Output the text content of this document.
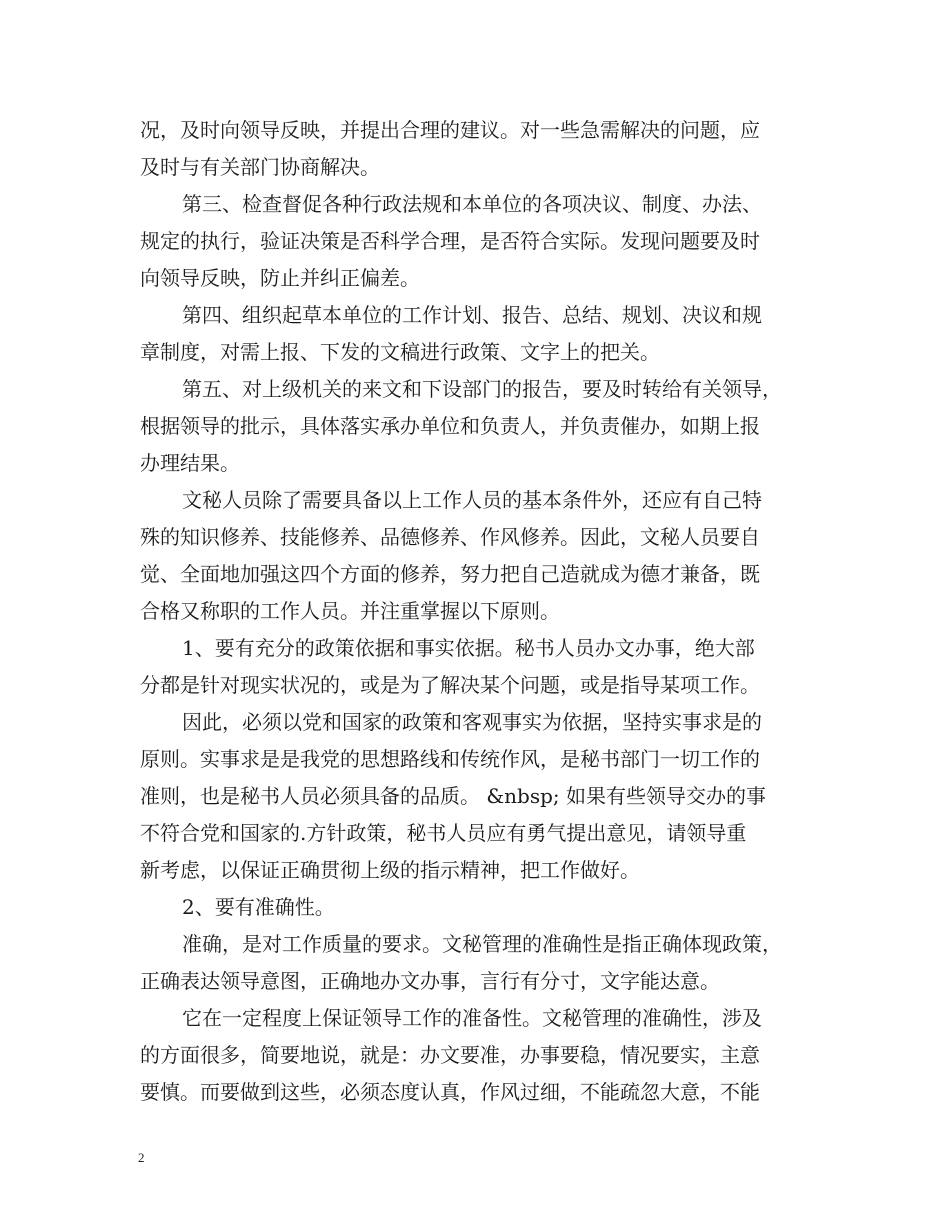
况，及时向领导反映，并提出合理的建议。对一些急需解决的问题，应
及时与有关部门协商解决。
第三、检查督促各种行政法规和本单位的各项决议、制度、办法、
规定的执行，验证决策是否科学合理，是否符合实际。发现问题要及时
向领导反映，防止并纠正偏差。
第四、组织起草本单位的工作计划、报告、总结、规划、决议和规
章制度，对需上报、下发的文稿进行政策、文字上的把关。
第五、对上级机关的来文和下设部门的报告，要及时转给有关领导，
根据领导的批示，具体落实承办单位和负责人，并负责催办，如期上报
办理结果。
文秘人员除了需要具备以上工作人员的基本条件外，还应有自己特
殊的知识修养、技能修养、品德修养、作风修养。因此，文秘人员要自
觉、全面地加强这四个方面的修养，努力把自己造就成为德才兼备，既
合格又称职的工作人员。并注重掌握以下原则。
1、要有充分的政策依据和事实依据。秘书人员办文办事，绝大部
分都是针对现实状况的，或是为了解决某个问题，或是指导某项工作。
因此，必须以党和国家的政策和客观事实为依据，坚持实事求是的
原则。实事求是是我党的思想路线和传统作风，是秘书部门一切工作的
准则，也是秘书人员必须具备的品质。 &nbsp; 如果有些领导交办的事
不符合党和国家的.方针政策，秘书人员应有勇气提出意见，请领导重
新考虑，以保证正确贯彻上级的指示精神，把工作做好。
2、要有准确性。
准确，是对工作质量的要求。文秘管理的准确性是指正确体现政策，
正确表达领导意图，正确地办文办事，言行有分寸，文字能达意。
它在一定程度上保证领导工作的准备性。文秘管理的准确性，涉及
的方面很多，简要地说，就是：办文要准，办事要稳，情况要实，主意
要慎。而要做到这些，必须态度认真，作风过细，不能疏忽大意，不能
2
